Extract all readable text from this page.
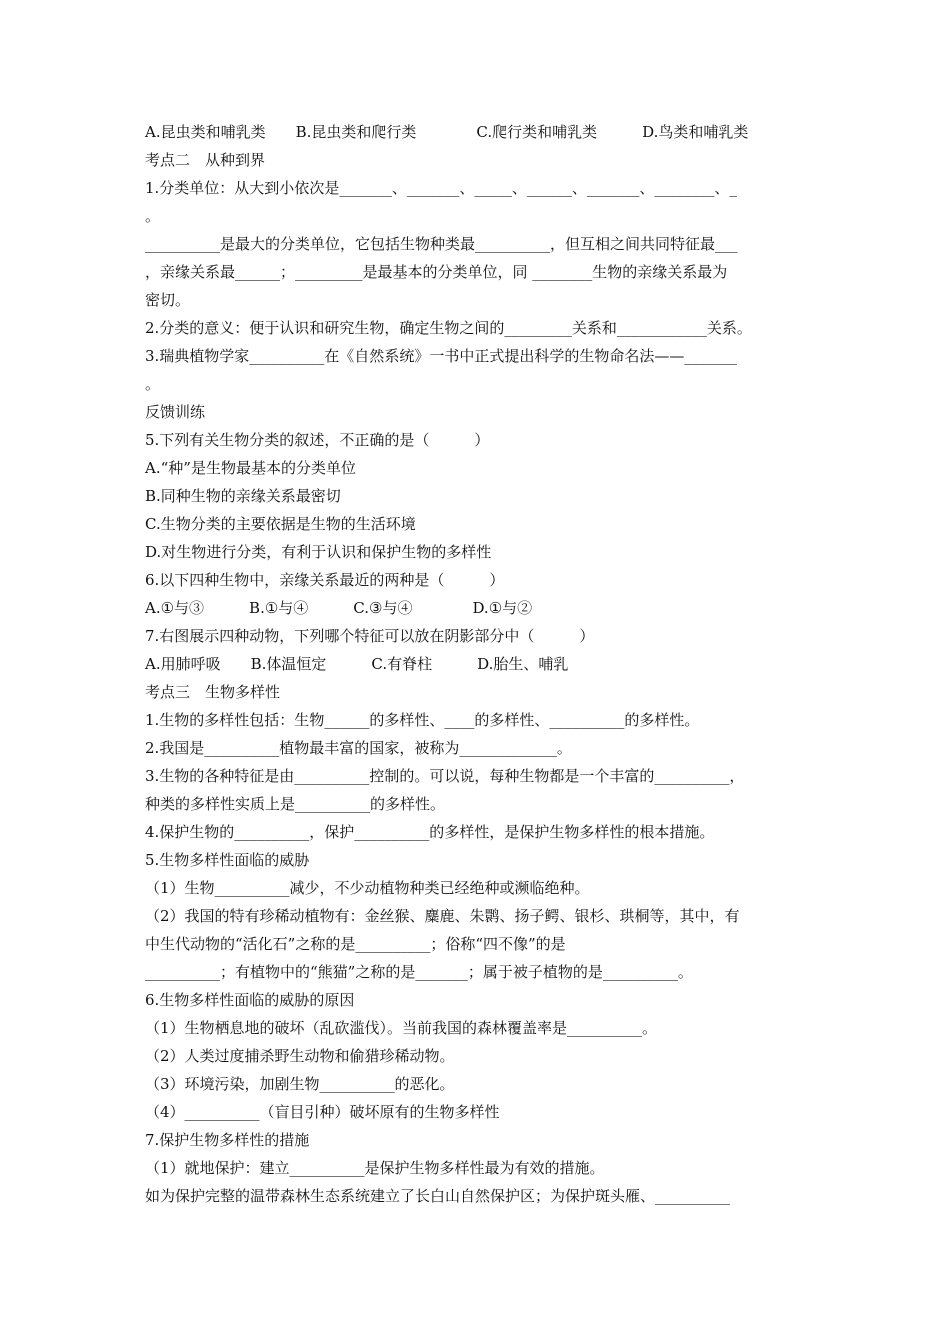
A.昆虫类和哺乳类　　B.昆虫类和爬行类　　　　C.爬行类和哺乳类　　　D.鸟类和哺乳类
考点二　从种到界
1.分类单位：从大到小依次是_______、_______、_____、______、_______、________、_
。
__________是最大的分类单位，它包括生物种类最__________，但互相之间共同特征最___
，亲缘关系最______；_________是最基本的分类单位，同 ________生物的亲缘关系最为
密切。
2.分类的意义：便于认识和研究生物，确定生物之间的_________关系和____________关系。
3.瑞典植物学家__________在《自然系统》一书中正式提出科学的生物命名法——_______
。
反馈训练
5.下列有关生物分类的叙述，不正确的是（　　　）
A.“种”是生物最基本的分类单位
B.同种生物的亲缘关系最密切
C.生物分类的主要依据是生物的生活环境
D.对生物进行分类，有利于认识和保护生物的多样性
6.以下四种生物中，亲缘关系最近的两种是（　　　）
A.①与③　　　B.①与④　　　C.③与④　　　　D.①与②
7.右图展示四种动物，下列哪个特征可以放在阴影部分中（　　　）
A.用肺呼吸　　B.体温恒定　　　C.有脊柱　　　D.胎生、哺乳
考点三　生物多样性
1.生物的多样性包括：生物______的多样性、____的多样性、__________的多样性。
2.我国是__________植物最丰富的国家，被称为_____________。
3.生物的各种特征是由__________控制的。可以说，每种生物都是一个丰富的__________，
种类的多样性实质上是__________的多样性。
4.保护生物的__________，保护__________的多样性，是保护生物多样性的根本措施。
5.生物多样性面临的威胁
（1）生物__________减少，不少动植物种类已经绝种或濒临绝种。
（2）我国的特有珍稀动植物有：金丝猴、麋鹿、朱鹮、扬子鳄、银杉、珙桐等，其中，有
中生代动物的“活化石”之称的是__________；俗称“四不像”的是
__________；有植物中的“熊猫”之称的是_______；属于被子植物的是__________。
6.生物多样性面临的威胁的原因
（1）生物栖息地的破坏（乱砍滥伐）。当前我国的森林覆盖率是__________。
（2）人类过度捕杀野生动物和偷猎珍稀动物。
（3）环境污染，加剧生物__________的恶化。
（4）__________（盲目引种）破坏原有的生物多样性
7.保护生物多样性的措施
（1）就地保护：建立__________是保护生物多样性最为有效的措施。
如为保护完整的温带森林生态系统建立了长白山自然保护区；为保护斑头雁、__________
